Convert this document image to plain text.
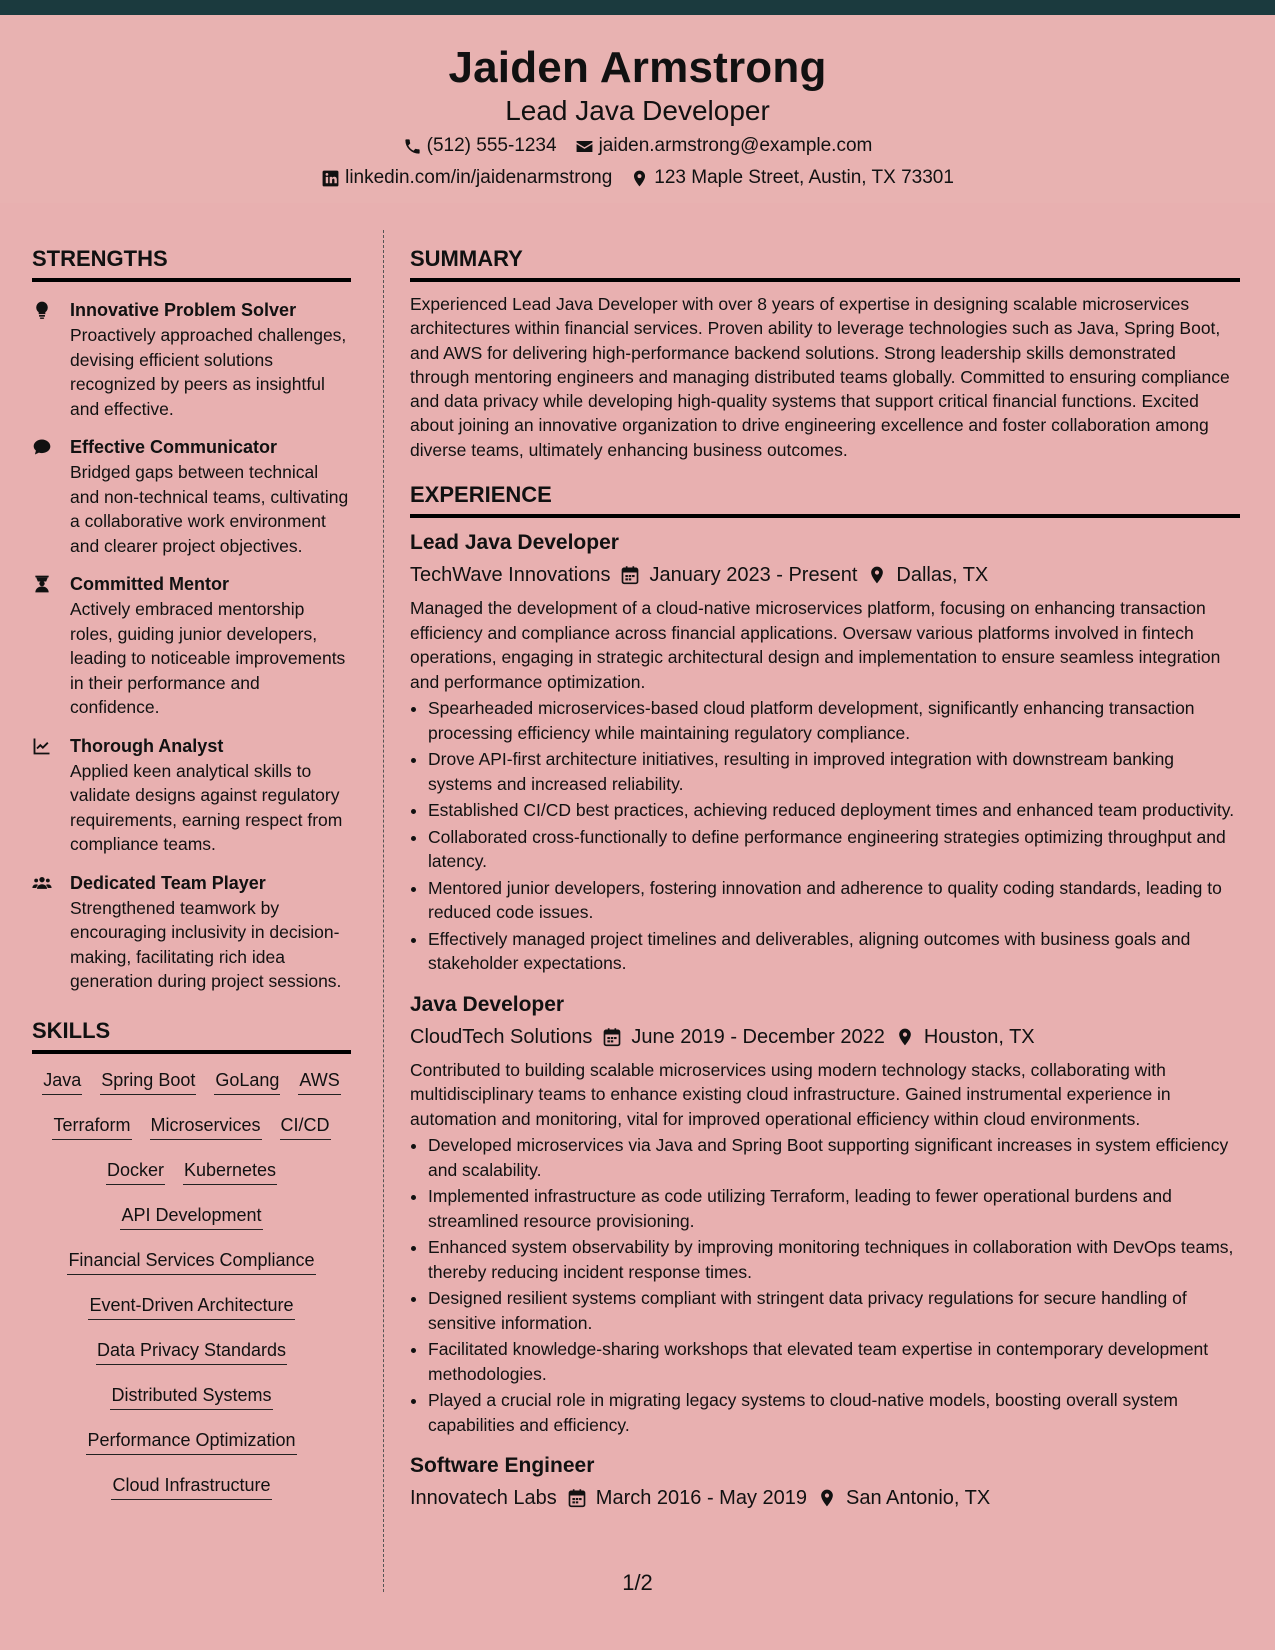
Jaiden Armstrong
Lead Java Developer
(512) 555-1234 jaiden.armstrong@example.com
linkedin.com/in/jaidenarmstrong 123 Maple Street, Austin, TX 73301
STRENGTHS
Innovative Problem Solver
Proactively approached challenges, devising efficient solutions recognized by peers as insightful and effective.
Effective Communicator
Bridged gaps between technical and non-technical teams, cultivating a collaborative work environment and clearer project objectives.
Committed Mentor
Actively embraced mentorship roles, guiding junior developers, leading to noticeable improvements in their performance and confidence.
Thorough Analyst
Applied keen analytical skills to validate designs against regulatory requirements, earning respect from compliance teams.
Dedicated Team Player
Strengthened teamwork by encouraging inclusivity in decision-making, facilitating rich idea generation during project sessions.
SKILLS
Java Spring Boot GoLang AWS
Terraform Microservices CI/CD
Docker Kubernetes
API Development
Financial Services Compliance
Event-Driven Architecture
Data Privacy Standards
Distributed Systems
Performance Optimization
Cloud Infrastructure
SUMMARY
Experienced Lead Java Developer with over 8 years of expertise in designing scalable microservices architectures within financial services. Proven ability to leverage technologies such as Java, Spring Boot, and AWS for delivering high-performance backend solutions. Strong leadership skills demonstrated through mentoring engineers and managing distributed teams globally. Committed to ensuring compliance and data privacy while developing high-quality systems that support critical financial functions. Excited about joining an innovative organization to drive engineering excellence and foster collaboration among diverse teams, ultimately enhancing business outcomes.
EXPERIENCE
Lead Java Developer
TechWave Innovations January 2023 - Present Dallas, TX
Managed the development of a cloud-native microservices platform, focusing on enhancing transaction efficiency and compliance across financial applications. Oversaw various platforms involved in fintech operations, engaging in strategic architectural design and implementation to ensure seamless integration and performance optimization.
• Spearheaded microservices-based cloud platform development, significantly enhancing transaction processing efficiency while maintaining regulatory compliance.
• Drove API-first architecture initiatives, resulting in improved integration with downstream banking systems and increased reliability.
• Established CI/CD best practices, achieving reduced deployment times and enhanced team productivity.
• Collaborated cross-functionally to define performance engineering strategies optimizing throughput and latency.
• Mentored junior developers, fostering innovation and adherence to quality coding standards, leading to reduced code issues.
• Effectively managed project timelines and deliverables, aligning outcomes with business goals and stakeholder expectations.
Java Developer
CloudTech Solutions June 2019 - December 2022 Houston, TX
Contributed to building scalable microservices using modern technology stacks, collaborating with multidisciplinary teams to enhance existing cloud infrastructure. Gained instrumental experience in automation and monitoring, vital for improved operational efficiency within cloud environments.
• Developed microservices via Java and Spring Boot supporting significant increases in system efficiency and scalability.
• Implemented infrastructure as code utilizing Terraform, leading to fewer operational burdens and streamlined resource provisioning.
• Enhanced system observability by improving monitoring techniques in collaboration with DevOps teams, thereby reducing incident response times.
• Designed resilient systems compliant with stringent data privacy regulations for secure handling of sensitive information.
• Facilitated knowledge-sharing workshops that elevated team expertise in contemporary development methodologies.
• Played a crucial role in migrating legacy systems to cloud-native models, boosting overall system capabilities and efficiency.
Software Engineer
Innovatech Labs March 2016 - May 2019 San Antonio, TX
1/2
